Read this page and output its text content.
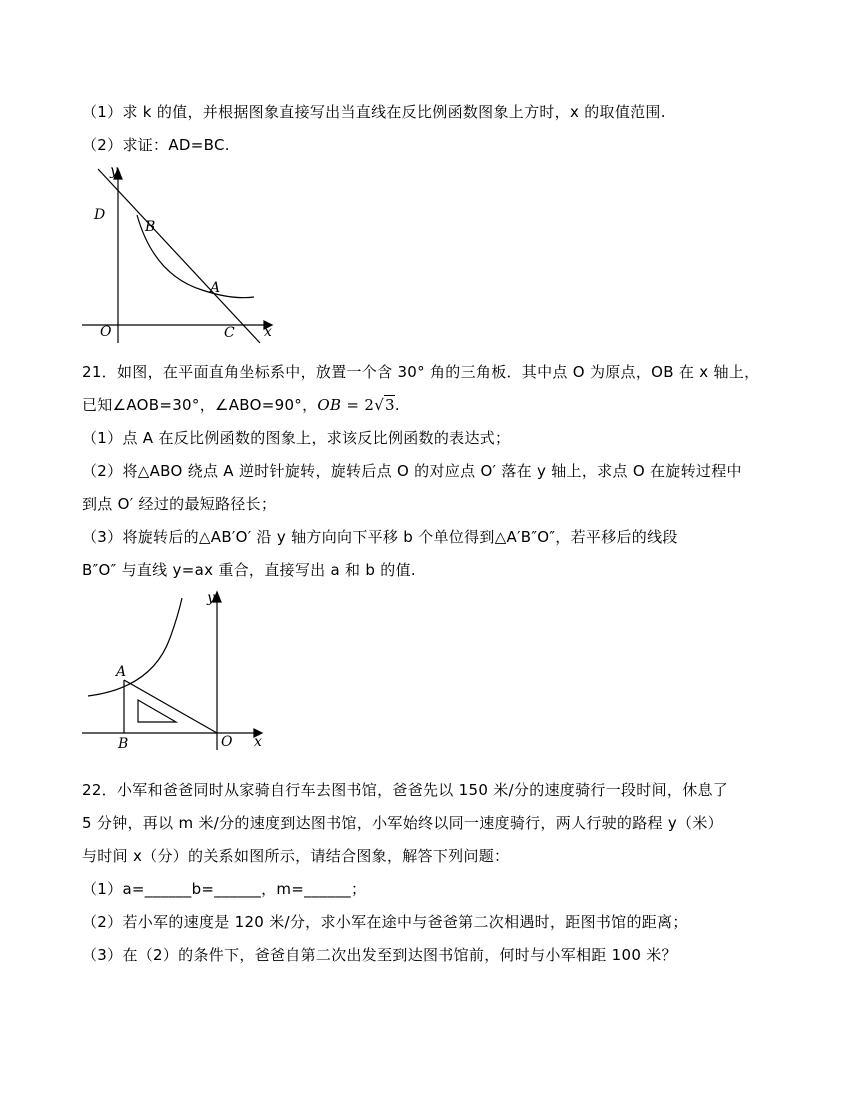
（1）求 k 的值，并根据图象直接写出当直线在反比例函数图象上方时，x 的取值范围.
（2）求证：AD=BC.
y
x
O
D
B
A
C
21．如图，在平面直角坐标系中，放置一个含 30° 角的三角板．其中点 O 为原点，OB 在 x 轴上，
已知∠AOB=30°，∠ABO=90°，OB = 2√3.
（1）点 A 在反比例函数的图象上，求该反比例函数的表达式；
（2）将△ABO 绕点 A 逆时针旋转，旋转后点 O 的对应点 O′ 落在 y 轴上，求点 O 在旋转过程中
到点 O′ 经过的最短路径长；
（3）将旋转后的△AB′O′ 沿 y 轴方向向下平移 b 个单位得到△A′B″O″，若平移后的线段
B″O″ 与直线 y=ax 重合，直接写出 a 和 b 的值.
y
x
O
A
B
22．小军和爸爸同时从家骑自行车去图书馆，爸爸先以 150 米/分的速度骑行一段时间，休息了
5 分钟，再以 m 米/分的速度到达图书馆，小军始终以同一速度骑行，两人行驶的路程 y（米）
与时间 x（分）的关系如图所示，请结合图象，解答下列问题：
（1）a=______b=______，m=______；
（2）若小军的速度是 120 米/分，求小军在途中与爸爸第二次相遇时，距图书馆的距离；
（3）在（2）的条件下，爸爸自第二次出发至到达图书馆前，何时与小军相距 100 米？
